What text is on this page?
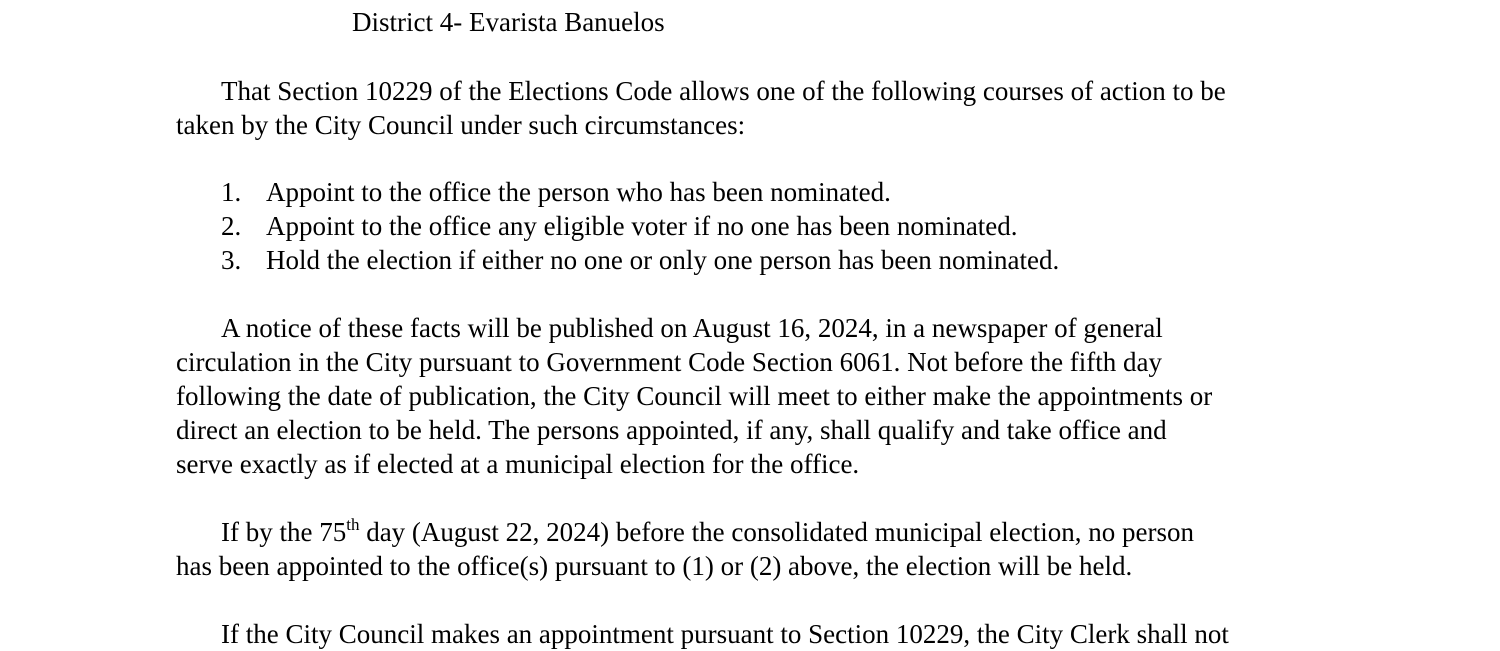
District 4- Evarista Banuelos
That Section 10229 of the Elections Code allows one of the following courses of action to be
taken by the City Council under such circumstances:
1. Appoint to the office the person who has been nominated.
2. Appoint to the office any eligible voter if no one has been nominated.
3. Hold the election if either no one or only one person has been nominated.
A notice of these facts will be published on August 16, 2024, in a newspaper of general
circulation in the City pursuant to Government Code Section 6061. Not before the fifth day
following the date of publication, the City Council will meet to either make the appointments or
direct an election to be held. The persons appointed, if any, shall qualify and take office and
serve exactly as if elected at a municipal election for the office.
If by the 75th day (August 22, 2024) before the consolidated municipal election, no person
has been appointed to the office(s) pursuant to (1) or (2) above, the election will be held.
If the City Council makes an appointment pursuant to Section 10229, the City Clerk shall not
